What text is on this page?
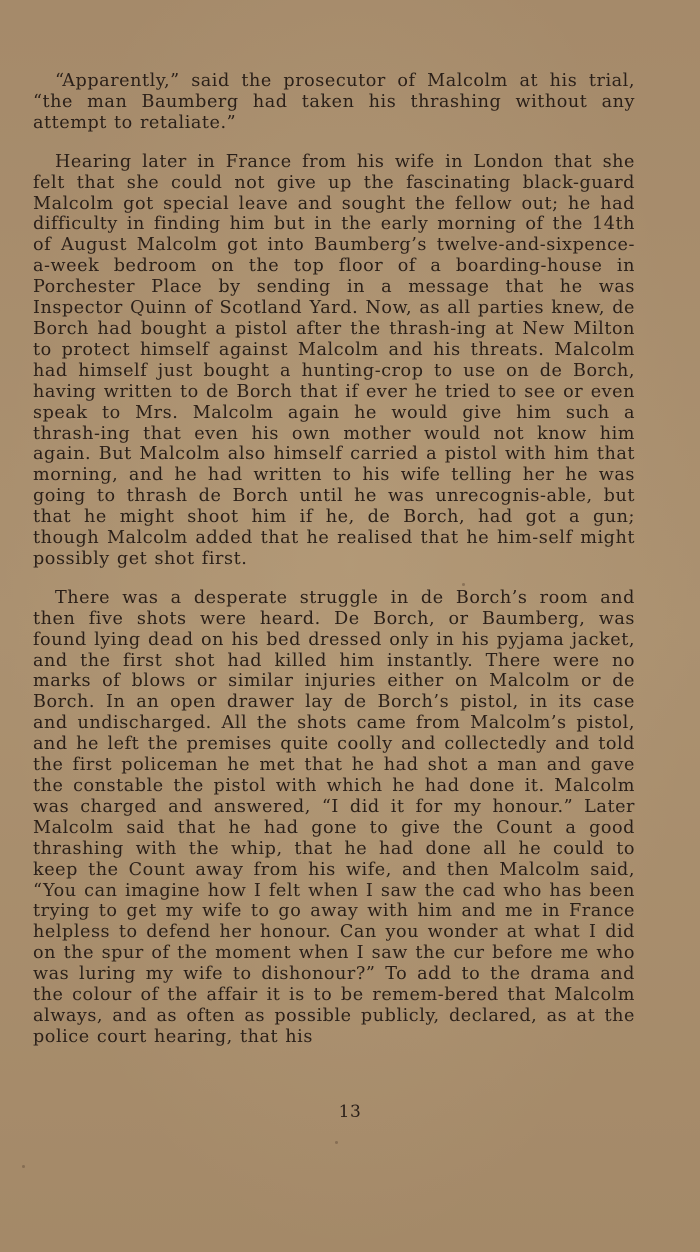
“Apparently,” said the prosecutor of Malcolm at his trial, “the man Baumberg had taken his thrashing without any attempt to retaliate.”

Hearing later in France from his wife in London that she felt that she could not give up the fascinating black-guard Malcolm got special leave and sought the fellow out; he had difficulty in finding him but in the early morning of the 14th of August Malcolm got into Baumberg’s twelve-and-sixpence-a-week bedroom on the top floor of a boarding-house in Porchester Place by sending in a message that he was Inspector Quinn of Scotland Yard. Now, as all parties knew, de Borch had bought a pistol after the thrash-ing at New Milton to protect himself against Malcolm and his threats. Malcolm had himself just bought a hunting-crop to use on de Borch, having written to de Borch that if ever he tried to see or even speak to Mrs. Malcolm again he would give him such a thrash-ing that even his own mother would not know him again. But Malcolm also himself carried a pistol with him that morning, and he had written to his wife telling her he was going to thrash de Borch until he was unrecognis-able, but that he might shoot him if he, de Borch, had got a gun; though Malcolm added that he realised that he him-self might possibly get shot first.

There was a desperate struggle in de Borch’s room and then five shots were heard. De Borch, or Baumberg, was found lying dead on his bed dressed only in his pyjama jacket, and the first shot had killed him instantly. There were no marks of blows or similar injuries either on Malcolm or de Borch. In an open drawer lay de Borch’s pistol, in its case and undischarged. All the shots came from Malcolm’s pistol, and he left the premises quite coolly and collectedly and told the first policeman he met that he had shot a man and gave the constable the pistol with which he had done it. Malcolm was charged and answered, “I did it for my honour.” Later Malcolm said that he had gone to give the Count a good thrashing with the whip, that he had done all he could to keep the Count away from his wife, and then Malcolm said, “You can imagine how I felt when I saw the cad who has been trying to get my wife to go away with him and me in France helpless to defend her honour. Can you wonder at what I did on the spur of the moment when I saw the cur before me who was luring my wife to dishonour?” To add to the drama and the colour of the affair it is to be remem-bered that Malcolm always, and as often as possible publicly, declared, as at the police court hearing, that his

13
